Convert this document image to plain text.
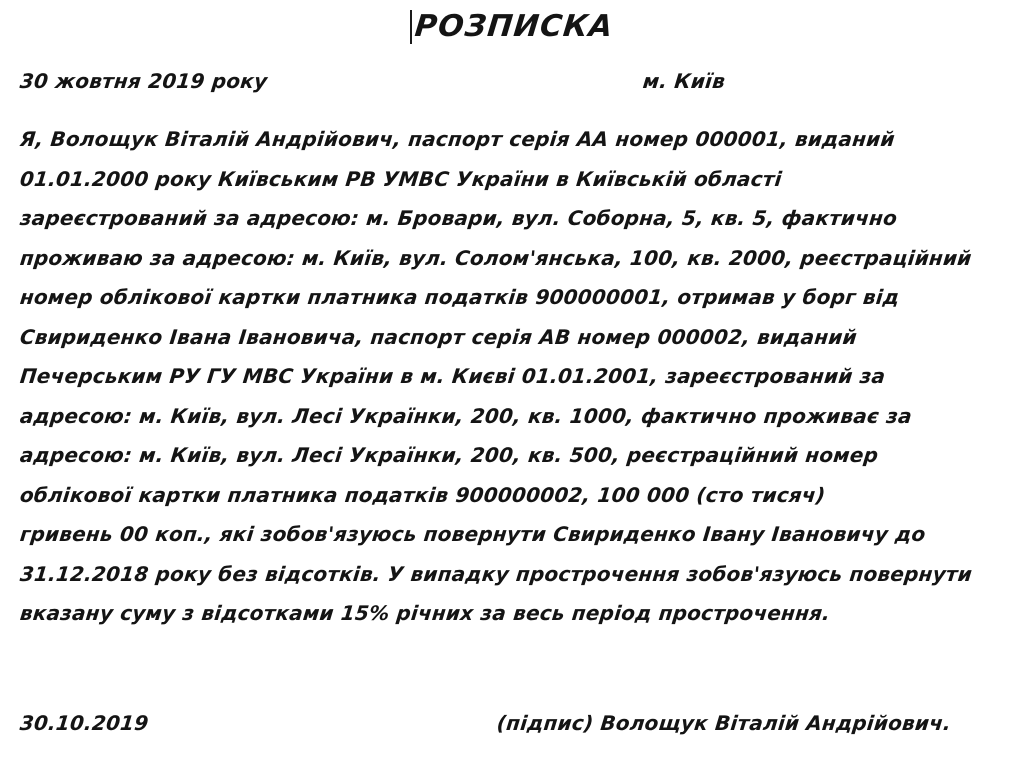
РОЗПИСКА
30 жовтня 2019 року	м. Київ
Я, Волощук Віталій Андрійович, паспорт серія АА номер 000001, виданий
01.01.2000 року Київським РВ УМВС України в Київській області
зареєстрований за адресою: м. Бровари, вул. Соборна, 5, кв. 5, фактично
проживаю за адресою: м. Київ, вул. Солом'янська, 100, кв. 2000, реєстраційний
номер облікової картки платника податків 900000001, отримав у борг від
Свириденко Івана Івановича, паспорт серія АВ номер 000002, виданий
Печерським РУ ГУ МВС України в м. Києві 01.01.2001, зареєстрований за
адресою: м. Київ, вул. Лесі Українки, 200, кв. 1000, фактично проживає за
адресою: м. Київ, вул. Лесі Українки, 200, кв. 500, реєстраційний номер
облікової картки платника податків 900000002, 100 000 (сто тисяч)
гривень 00 коп., які зобов'язуюсь повернути Свириденко Івану Івановичу до
31.12.2018 року без відсотків. У випадку прострочення зобов'язуюсь повернути
вказану суму з відсотками 15% річних за весь період прострочення.
30.10.2019	(підпис) Волощук Віталій Андрійович.
